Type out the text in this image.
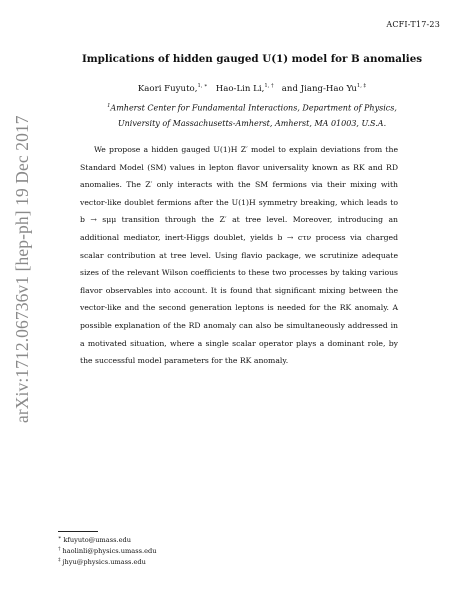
ACFI-T17-23
arXiv:1712.06736v1 [hep-ph] 19 Dec 2017
Implications of hidden gauged U(1) model for B anomalies
Kaori Fuyuto,$^{1, ∗}$ Hao-Lin Li,$^{1, \dagger}$ and Jiang-Hao $Yu^{1, \ddagger}$
$^1$Amherst Center for Fundamental Interactions, Department of Physics,
University of Massachusetts-Amherst, Amherst, MA 01003, U.S.A.

We propose a hidden gauged U(1)H Z′ model to explain deviations from the Standard Model (SM) values in lepton flavor universality known as RK and RD anomalies. The Z′ only interacts with the SM fermions via their mixing with vector-like doublet fermions after the U(1)H symmetry breaking, which leads to b → sμμ transition through the Z′ at tree level. Moreover, introducing an additional mediator, inert-Higgs doublet, yields b → cτν process via charged scalar contribution at tree level. Using flavio package, we scrutinize adequate sizes of the relevant Wilson coefficients to these two processes by taking various flavor observables into account. It is found that significant mixing between the vector-like and the second generation leptons is needed for the RK anomaly. A possible explanation of the RD anomaly can also be simultaneously addressed in a motivated situation, where a single scalar operator plays a dominant role, by the successful model parameters for the RK anomaly.

∗ kfuyuto@umass.edu
† haolinli@physics.umass.edu
‡ jhyu@physics.umass.edu
